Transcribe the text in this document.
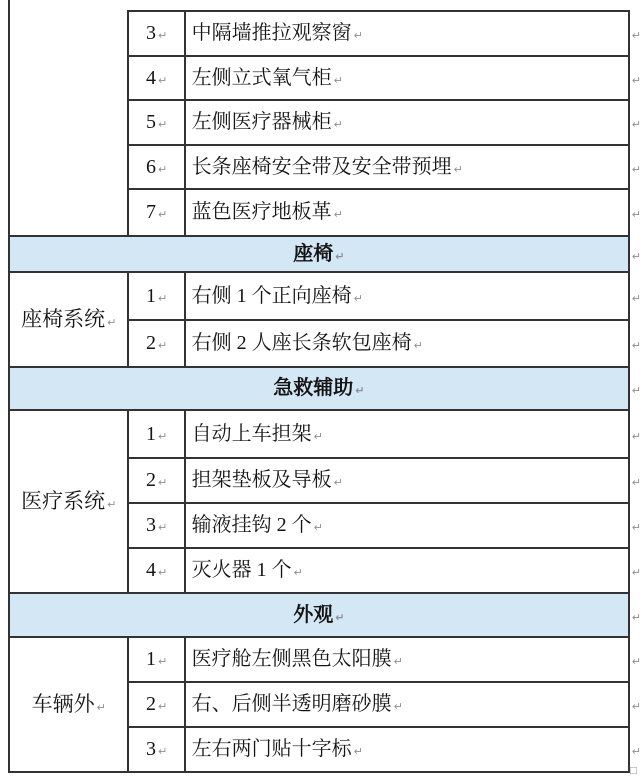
	3 ↵	中隔墙推拉观察窗 ↵	↵
	4 ↵	左侧立式氧气柜 ↵	↵
	5 ↵	左侧医疗器械柜 ↵	↵
	6 ↵	长条座椅安全带及安全带预埋 ↵	↵
	7 ↵	蓝色医疗地板革 ↵	↵
座椅 ↵			↵
座椅系统 ↵	1 ↵	右侧 1 个正向座椅 ↵	↵
	2 ↵	右侧 2 人座长条软包座椅 ↵	↵
急救辅助 ↵			↵
医疗系统 ↵	1 ↵	自动上车担架 ↵	↵
	2 ↵	担架垫板及导板 ↵	↵
	3 ↵	输液挂钩 2 个 ↵	↵
	4 ↵	灭火器 1 个 ↵	↵
外观 ↵			↵
车辆外 ↵	1 ↵	医疗舱左侧黑色太阳膜 ↵	↵
	2 ↵	右、后侧半透明磨砂膜 ↵	↵
	3 ↵	左右两门贴十字标 ↵	↵
□
